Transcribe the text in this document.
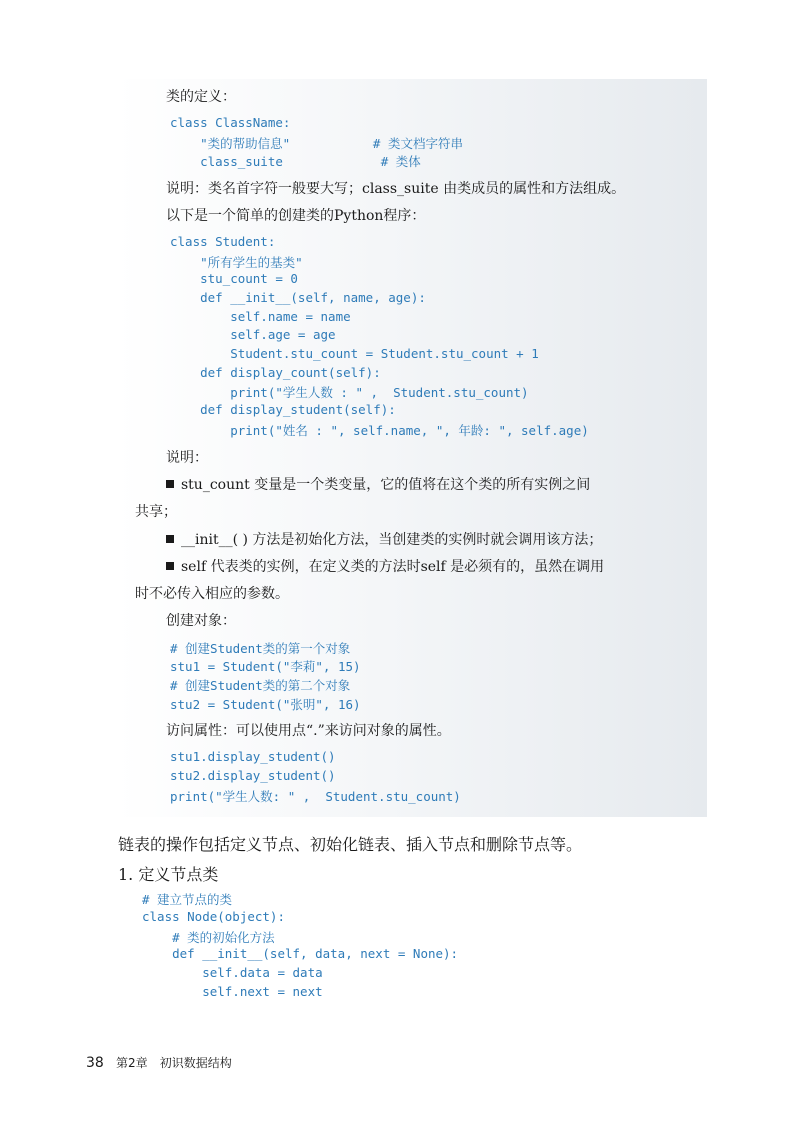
类的定义：

class ClassName:

"类的帮助信息"           # 类文档字符串

class_suite             # 类体

说明：类名首字符一般要大写；class_suite 由类成员的属性和方法组成。
以下是一个简单的创建类的Python程序：

class Student:

"所有学生的基类"

stu_count = 0

def __init__(self, name, age):

self.name = name

self.age = age

Student.stu_count = Student.stu_count + 1

def display_count(self):

print("学生人数 : " ,  Student.stu_count)

def display_student(self):

print("姓名 : ", self.name, ", 年龄: ", self.age)

说明：
stu_count 变量是一个类变量，它的值将在这个类的所有实例之间
共享；
__init__( ) 方法是初始化方法，当创建类的实例时就会调用该方法；
self 代表类的实例，在定义类的方法时self 是必须有的，虽然在调用
时不必传入相应的参数。
创建对象：

# 创建Student类的第一个对象

stu1 = Student("李莉", 15)

# 创建Student类的第二个对象

stu2 = Student("张明", 16)

访问属性：可以使用点“.”来访问对象的属性。

stu1.display_student()

stu2.display_student()

print("学生人数: " ,  Student.stu_count)

链表的操作包括定义节点、初始化链表、插入节点和删除节点等。
1. 定义节点类

# 建立节点的类

class Node(object):

# 类的初始化方法

def __init__(self, data, next = None):

self.data = data

self.next = next

38 第2章 初识数据结构
